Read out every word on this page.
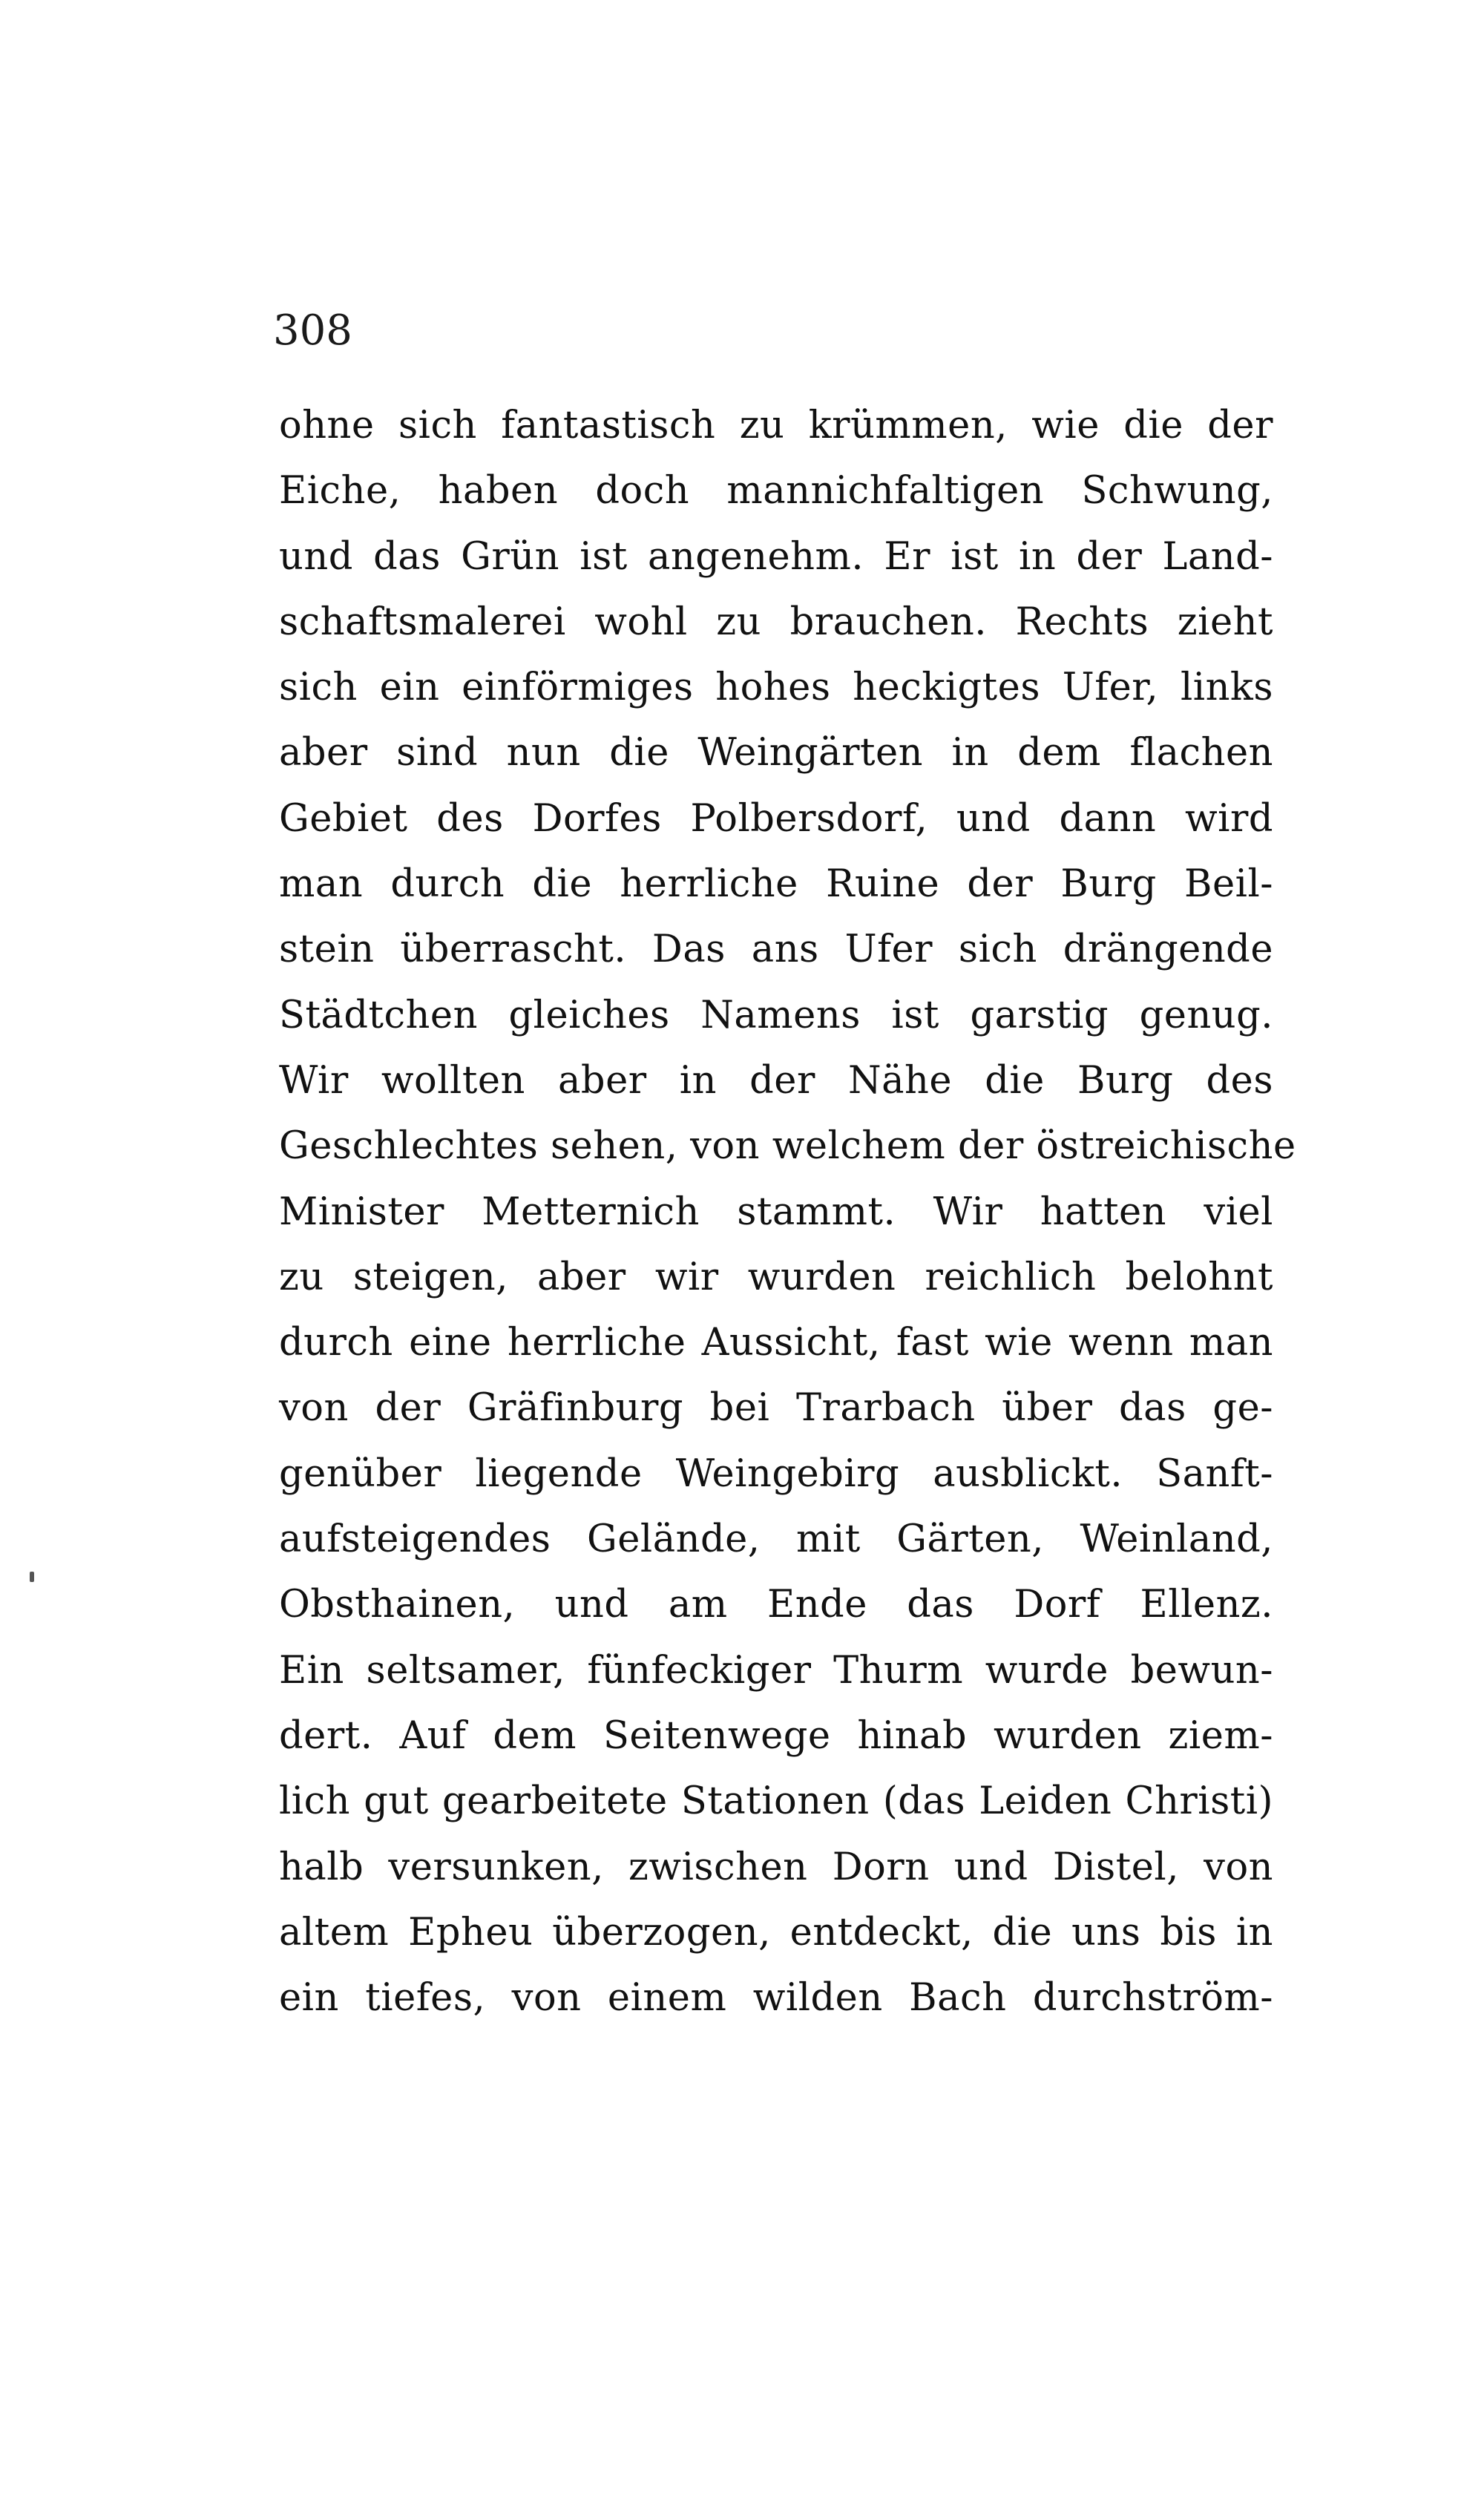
308
ohne sich fantastisch zu krümmen, wie die der
Eiche, haben doch mannichfaltigen Schwung,
und das Grün ist angenehm. Er ist in der Land-
schaftsmalerei wohl zu brauchen. Rechts zieht
sich ein einförmiges hohes heckigtes Ufer, links
aber sind nun die Weingärten in dem flachen
Gebiet des Dorfes Polbersdorf, und dann wird
man durch die herrliche Ruine der Burg Beil-
stein überrascht. Das ans Ufer sich drängende
Städtchen gleiches Namens ist garstig genug.
Wir wollten aber in der Nähe die Burg des
Geschlechtes sehen, von welchem der östreichische
Minister Metternich stammt. Wir hatten viel
zu steigen, aber wir wurden reichlich belohnt
durch eine herrliche Aussicht, fast wie wenn man
von der Gräfinburg bei Trarbach über das ge-
genüber liegende Weingebirg ausblickt. Sanft-
aufsteigendes Gelände, mit Gärten, Weinland,
Obsthainen, und am Ende das Dorf Ellenz.
Ein seltsamer, fünfeckiger Thurm wurde bewun-
dert. Auf dem Seitenwege hinab wurden ziem-
lich gut gearbeitete Stationen (das Leiden Christi)
halb versunken, zwischen Dorn und Distel, von
altem Epheu überzogen, entdeckt, die uns bis in
ein tiefes, von einem wilden Bach durchström-
